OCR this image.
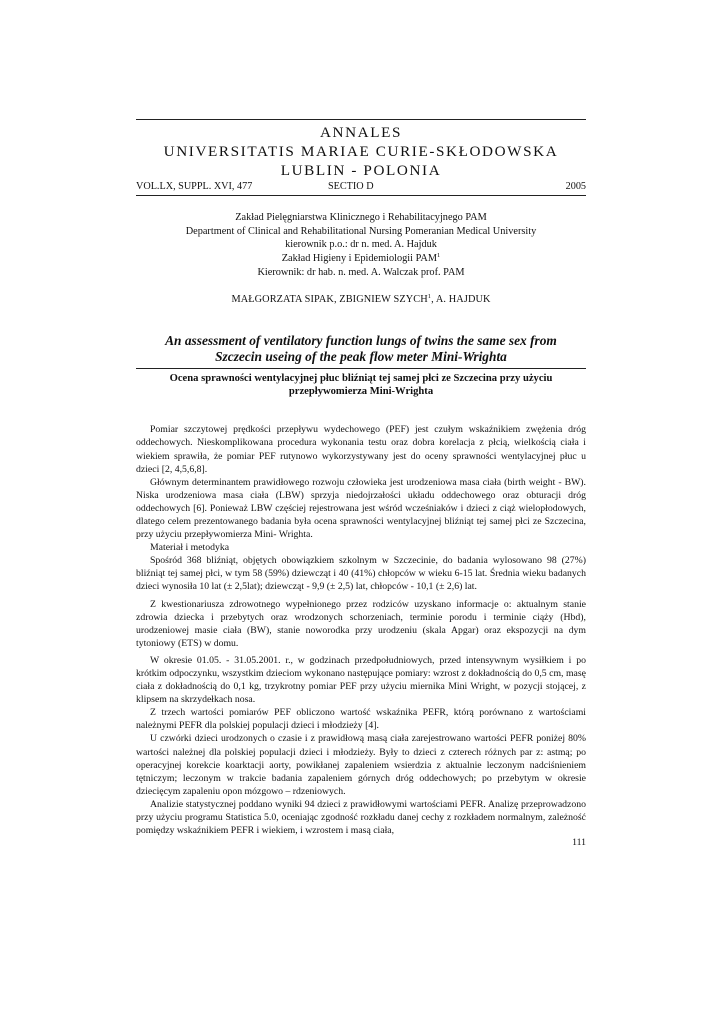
ANNALES
UNIVERSITATIS MARIAE CURIE-SKŁODOWSKA
LUBLIN - POLONIA
VOL.LX, SUPPL. XVI, 477	SECTIO D	2005
Zakład Pielęgniarstwa Klinicznego i Rehabilitacyjnego PAM
Department of Clinical and Rehabilitational Nursing Pomeranian Medical University
kierownik p.o.: dr n. med. A. Hajduk
Zakład Higieny i Epidemiologii PAM$^1$
Kierownik: dr hab. n. med. A. Walczak prof. PAM
MAŁGORZATA SIPAK, ZBIGNIEW SZYCH$^1$, A. HAJDUK
An assessment of ventilatory function lungs of twins the same sex from
Szczecin useing of the peak flow meter Mini-Wrighta
Ocena sprawności wentylacyjnej płuc bliźniąt tej samej płci ze Szczecina przy użyciu
przepływomierza Mini-Wrighta

Pomiar szczytowej prędkości przepływu wydechowego (PEF) jest czułym wskaźnikiem zwężenia dróg oddechowych. Nieskomplikowana procedura wykonania testu oraz dobra korelacja z płcią, wielkością ciała i wiekiem sprawiła, że pomiar PEF rutynowo wykorzystywany jest do oceny sprawności wentylacyjnej płuc u dzieci [2, 4,5,6,8].

Głównym determinantem prawidłowego rozwoju człowieka jest urodzeniowa masa ciała (birth weight - BW). Niska urodzeniowa masa ciała (LBW) sprzyja niedojrzałości układu oddechowego oraz obturacji dróg oddechowych [6]. Ponieważ LBW częściej rejestrowana jest wśród wcześniaków i dzieci z ciąż wielopłodowych, dlatego celem prezentowanego badania była ocena sprawności wentylacyjnej bliźniąt tej samej płci ze Szczecina, przy użyciu przepływomierza Mini- Wrighta.

Materiał i metodyka

Spośród 368 bliźniąt, objętych obowiązkiem szkolnym w Szczecinie, do badania wylosowano 98 (27%) bliźniąt tej samej płci, w tym 58 (59%) dziewcząt i 40 (41%) chłopców w wieku 6-15 lat. Średnia wieku badanych dzieci wynosiła 10 lat (± 2,5lat); dziewcząt - 9,9 (± 2,5) lat, chłopców - 10,1 (± 2,6) lat.

Z kwestionariusza zdrowotnego wypełnionego przez rodziców uzyskano informacje o: aktualnym stanie zdrowia dziecka i przebytych oraz wrodzonych schorzeniach, terminie porodu i terminie ciąży (Hbd), urodzeniowej masie ciała (BW), stanie noworodka przy urodzeniu (skala Apgar) oraz ekspozycji na dym tytoniowy (ETS) w domu.

W okresie 01.05. - 31.05.2001. r., w godzinach przedpołudniowych, przed intensywnym wysiłkiem i po krótkim odpoczynku, wszystkim dzieciom wykonano następujące pomiary: wzrost z dokładnością do 0,5 cm, masę ciała z dokładnością do 0,1 kg, trzykrotny pomiar PEF przy użyciu miernika Mini Wright, w pozycji stojącej, z klipsem na skrzydełkach nosa.

Z trzech wartości pomiarów PEF obliczono wartość wskaźnika PEFR, którą porównano z wartościami należnymi PEFR dla polskiej populacji dzieci i młodzieży [4].

U czwórki dzieci urodzonych o czasie i z prawidłową masą ciała zarejestrowano wartości PEFR poniżej 80% wartości należnej dla polskiej populacji dzieci i młodzieży. Były to dzieci z czterech różnych par z: astmą; po operacyjnej korekcie koarktacji aorty, powikłanej zapaleniem wsierdzia z aktualnie leczonym nadciśnieniem tętniczym; leczonym w trakcie badania zapaleniem górnych dróg oddechowych; po przebytym w okresie dziecięcym zapaleniu opon mózgowo – rdzeniowych.

Analizie statystycznej poddano wyniki 94 dzieci z prawidłowymi wartościami PEFR. Analizę przeprowadzono przy użyciu programu Statistica 5.0, oceniając zgodność rozkładu danej cechy z rozkładem normalnym, zależność pomiędzy wskaźnikiem PEFR i wiekiem, i wzrostem i masą ciała,

111
